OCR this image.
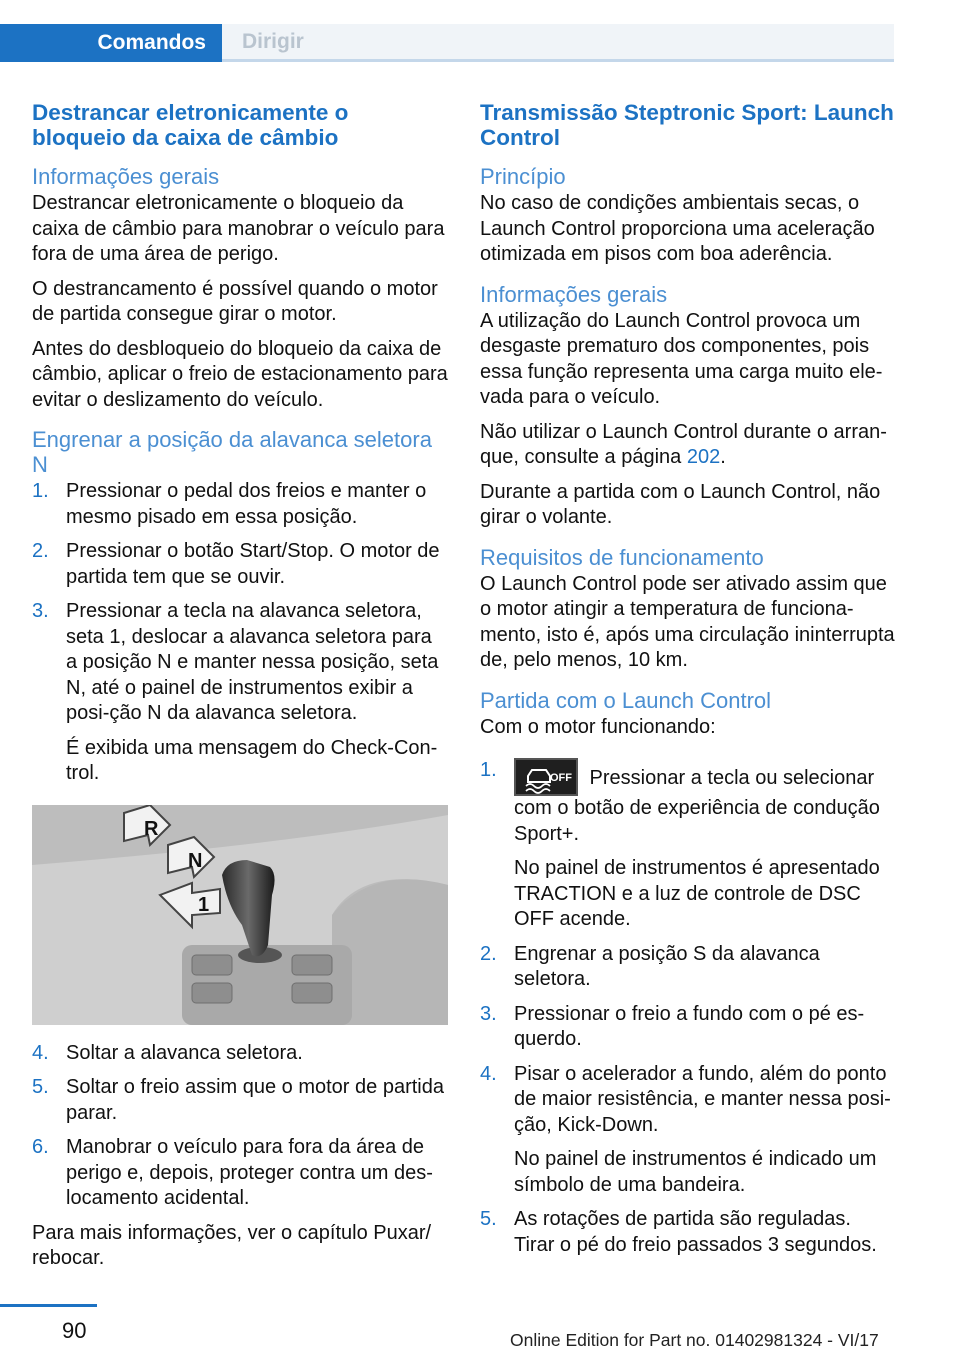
Comandos	Dirigir
Destrancar eletronicamente o bloqueio da caixa de câmbio
Informações gerais

Destrancar eletronicamente o bloqueio da caixa de câmbio para manobrar o veículo para fora de uma área de perigo.

O destrancamento é possível quando o motor de partida consegue girar o motor.

Antes do desbloqueio do bloqueio da caixa de câmbio, aplicar o freio de estacionamento para evitar o deslizamento do veículo.

Engrenar a posição da alavanca seletora N
1. Pressionar o pedal dos freios e manter o mesmo pisado em essa posição.
2. Pressionar o botão Start/Stop. O motor de partida tem que se ouvir.
3. Pressionar a tecla na alavanca seletora, seta 1, deslocar a alavanca seletora para a posição N e manter nessa posição, seta N, até o painel de instrumentos exibir a posi‐ção N da alavanca seletora.
É exibida uma mensagem do Check-Con‐trol.
R
N
1
4. Soltar a alavanca seletora.
5. Soltar o freio assim que o motor de partida parar.
6. Manobrar o veículo para fora da área de perigo e, depois, proteger contra um des‐locamento acidental.

Para mais informações, ver o capítulo Puxar/ rebocar.

Transmissão Steptronic Sport: Launch Control
Princípio

No caso de condições ambientais secas, o Launch Control proporciona uma aceleração otimizada em pisos com boa aderência.

Informações gerais

A utilização do Launch Control provoca um desgaste prematuro dos componentes, pois essa função representa uma carga muito ele‐vada para o veículo.

Não utilizar o Launch Control durante o arran‐que, consulte a página 202.

Durante a partida com o Launch Control, não girar o volante.

Requisitos de funcionamento

O Launch Control pode ser ativado assim que o motor atingir a temperatura de funciona‐mento, isto é, após uma circulação ininterrupta de, pelo menos, 10 km.

Partida com o Launch Control

Com o motor funcionando:

1.	OFF Pressionar a tecla ou selecionar com o botão de experiência de condução Sport+.
No painel de instrumentos é apresentado TRACTION e a luz de controle de DSC OFF acende.
2. Engrenar a posição S da alavanca seletora.
3. Pressionar o freio a fundo com o pé es‐querdo.
4. Pisar o acelerador a fundo, além do ponto de maior resistência, e manter nessa posi‐ção, Kick-Down.
No painel de instrumentos é indicado um símbolo de uma bandeira.
5. As rotações de partida são reguladas. Tirar o pé do freio passados 3 segundos.
90	Online Edition for Part no. 01402981324 - VI/17
